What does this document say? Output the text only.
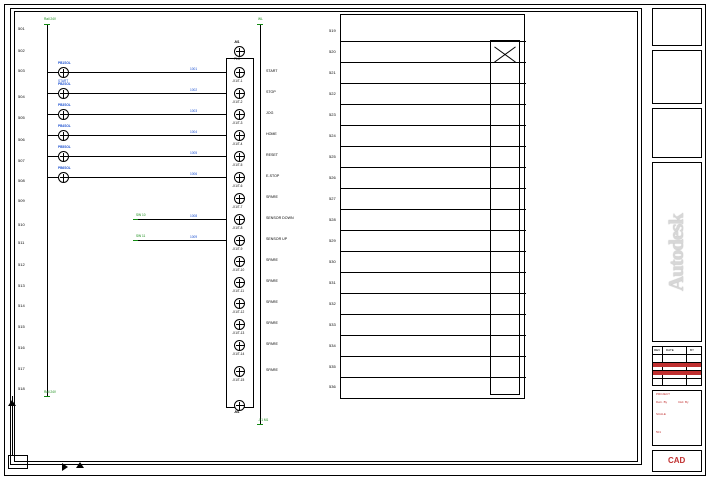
Autodesk
PROJECT
Dwn. By	Ckd. By
SCALE
501
CAD
REV DATE	BY
501
502
503
504
505
506
507
508
509
510
511
512
513
514
515
516
517
518
Rail 24V
Rail 24V
WL
-X1 M1
-M1
PLC
-M1
PB1SOL
START
1001
-X1/T-1
START
PB2SOL
1002
-X1/T-2
STOP
PB3SOL
1003
-X1/T-3
JOG
PB4SOL
1004
-X1/T-4
HOME
PB5SOL
1005
-X1/T-5
RESET
PB6SOL
1006
-X1/T-6
E-STOP
-X1/T-7
SPARE
SW 10	1008
-X1/T-8
SENSOR DOWN
SW 11	1009
-X1/T-9
SENSOR UP
-X1/T-10
SPARE
-X1/T-11
SPARE
-X1/T-12
SPARE
-X1/T-13
SPARE
-X1/T-14
SPARE
-X1/T-15
SPARE
519
520
521
522
523
524
525
526
527
528
529
530
531
532
533
534
535
536
